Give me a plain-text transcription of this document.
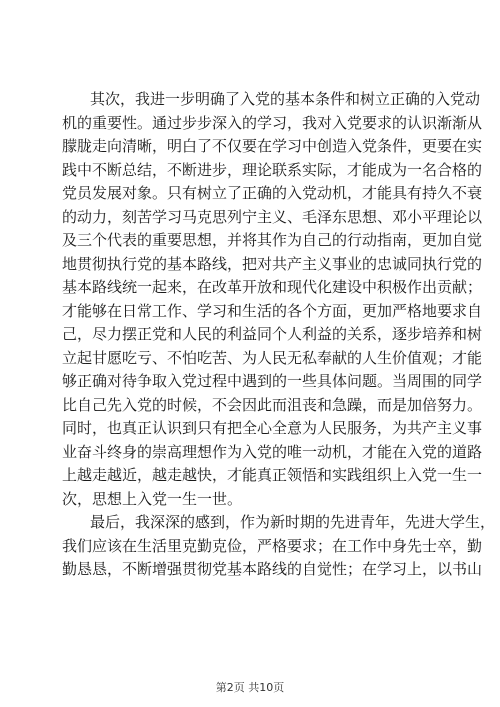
其次，我进一步明确了入党的基本条件和树立正确的入党动
机的重要性。通过步步深入的学习，我对入党要求的认识渐渐从
朦胧走向清晰，明白了不仅要在学习中创造入党条件，更要在实
践中不断总结，不断进步，理论联系实际，才能成为一名合格的
党员发展对象。只有树立了正确的入党动机，才能具有持久不衰
的动力，刻苦学习马克思列宁主义、毛泽东思想、邓小平理论以
及三个代表的重要思想，并将其作为自己的行动指南，更加自觉
地贯彻执行党的基本路线，把对共产主义事业的忠诚同执行党的
基本路线统一起来，在改革开放和现代化建设中积极作出贡献；
才能够在日常工作、学习和生活的各个方面，更加严格地要求自
己，尽力摆正党和人民的利益同个人利益的关系，逐步培养和树
立起甘愿吃亏、不怕吃苦、为人民无私奉献的人生价值观；才能
够正确对待争取入党过程中遇到的一些具体问题。当周围的同学
比自己先入党的时候，不会因此而沮丧和急躁，而是加倍努力。
同时，也真正认识到只有把全心全意为人民服务，为共产主义事
业奋斗终身的崇高理想作为入党的唯一动机，才能在入党的道路
上越走越近，越走越快，才能真正领悟和实践组织上入党一生一
次，思想上入党一生一世。
最后，我深深的感到，作为新时期的先进青年，先进大学生，
我们应该在生活里克勤克俭，严格要求；在工作中身先士卒，勤
勤恳恳，不断增强贯彻党基本路线的自觉性；在学习上，以书山
第2页 共10页
